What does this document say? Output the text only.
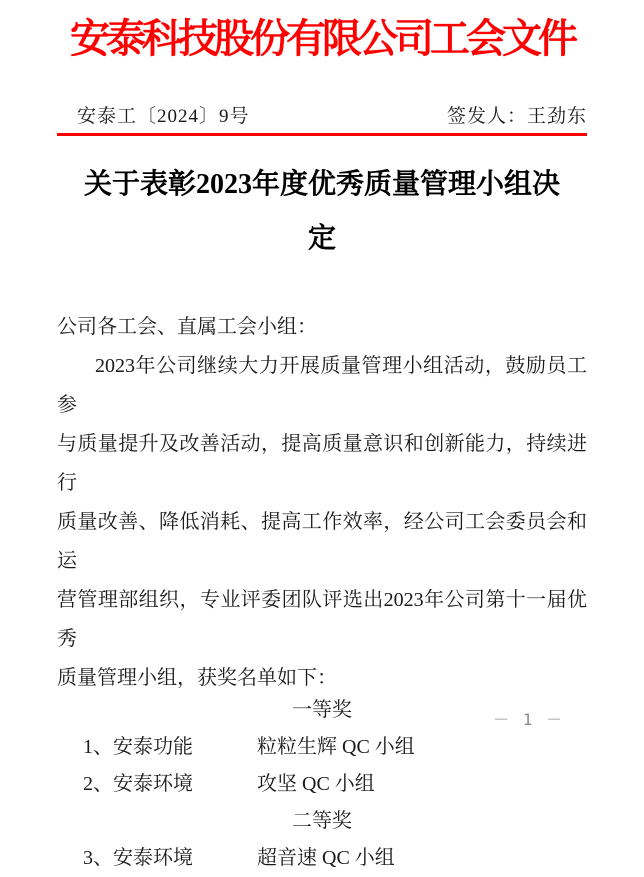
安泰科技股份有限公司工会文件
安泰工〔2024〕9号	签发人：王劲东
关于表彰2023年度优秀质量管理小组决
定
公司各工会、直属工会小组：
2023年公司继续大力开展质量管理小组活动，鼓励员工参
与质量提升及改善活动，提高质量意识和创新能力，持续进行
质量改善、降低消耗、提高工作效率，经公司工会委员会和运
营管理部组织，专业评委团队评选出2023年公司第十一届优秀
质量管理小组，获奖名单如下：
一等奖
1、安泰功能	粒粒生辉 QC 小组
2、安泰环境	攻坚 QC 小组
二等奖
3、安泰环境	超音速 QC 小组
－ 1 －
